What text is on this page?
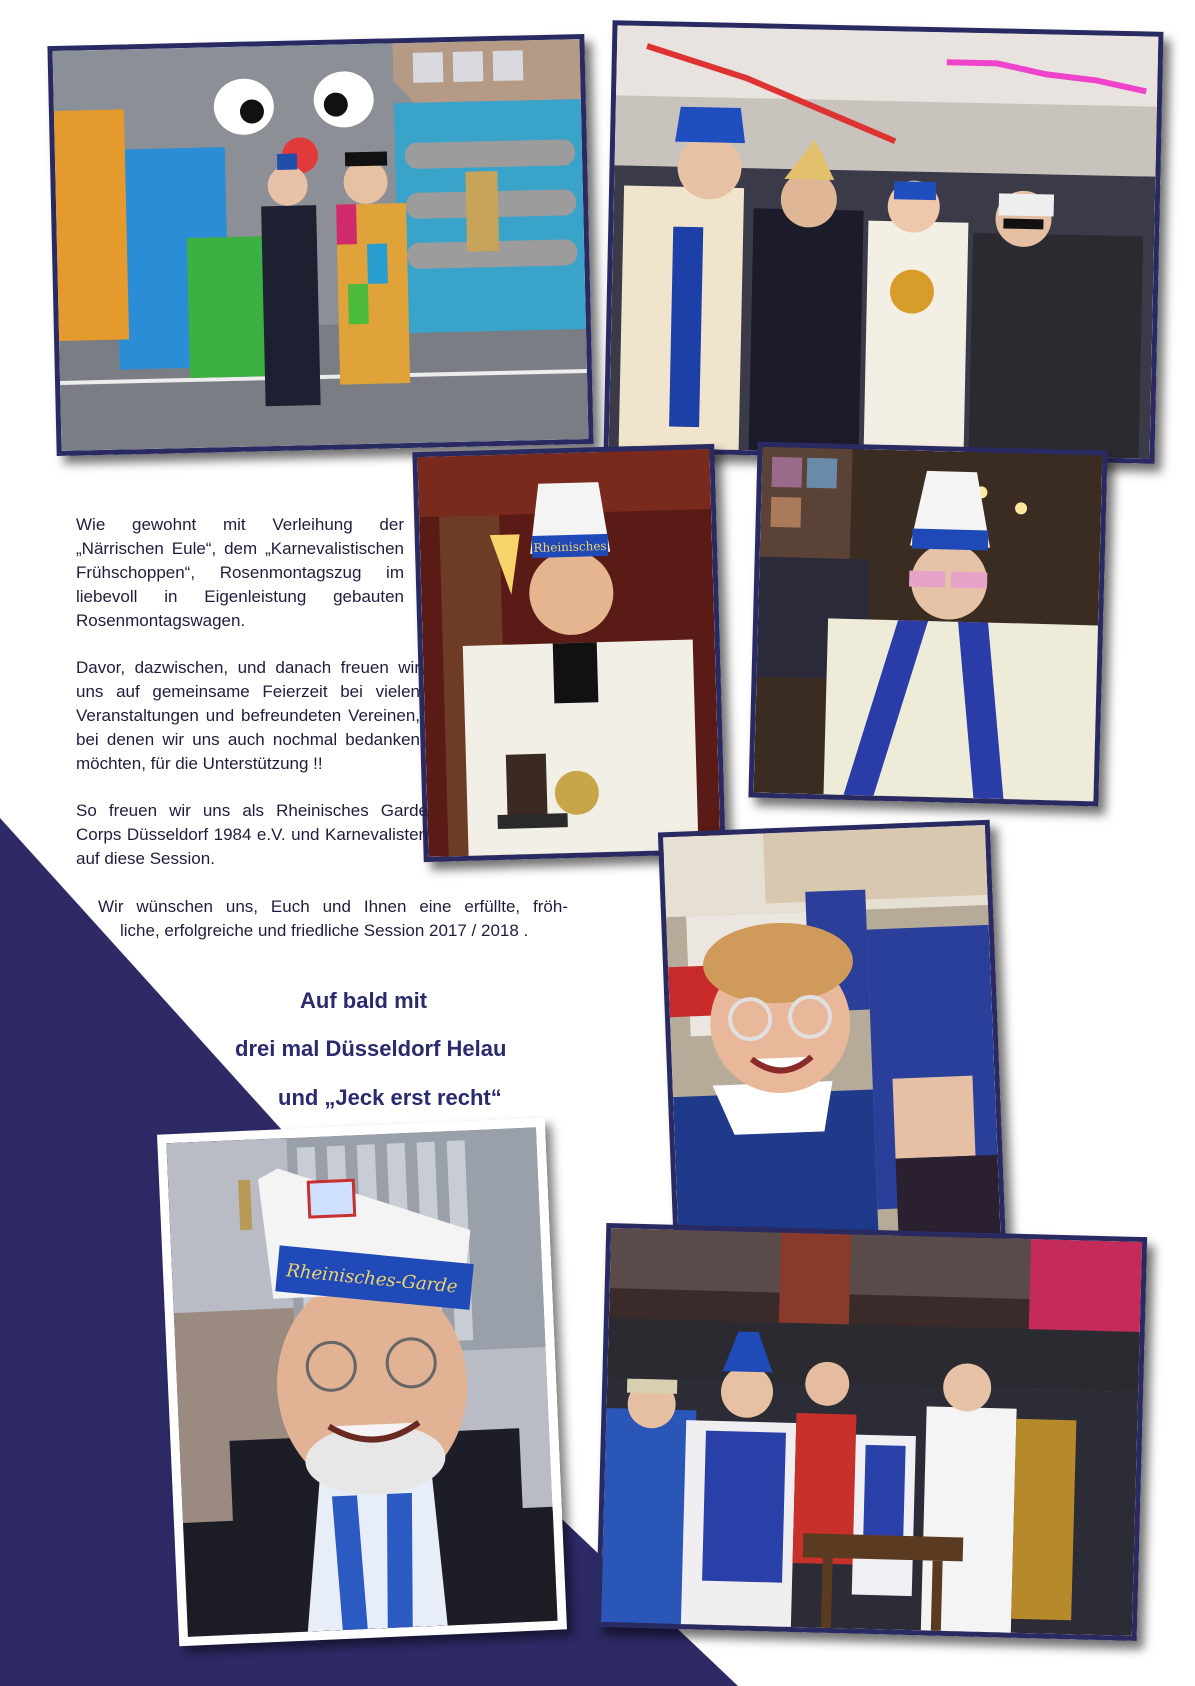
Rheinisches
Rheinisches-Garde

Wie gewohnt mit Verleihung der „Närrischen Eule“, dem „Karnevalistischen Frühschoppen“, Rosenmontagszug im liebevoll in Eigenleistung gebauten Rosenmontagswagen.

Davor, dazwischen, und danach freuen wir uns auf gemeinsame Feierzeit bei vielen Veranstaltungen und befreundeten Vereinen, bei denen wir uns auch nochmal bedanken möchten, für die Unterstützung !!

So freuen wir uns als Rheinisches Garde Corps Düsseldorf 1984 e.V. und Karnevalisten auf diese Session.

Wir wünschen uns, Euch und Ihnen eine erfüllte, fröh-
liche, erfolgreiche und friedliche Session 2017 / 2018 .
Auf bald mit
drei mal Düsseldorf Helau
und „Jeck erst recht“
